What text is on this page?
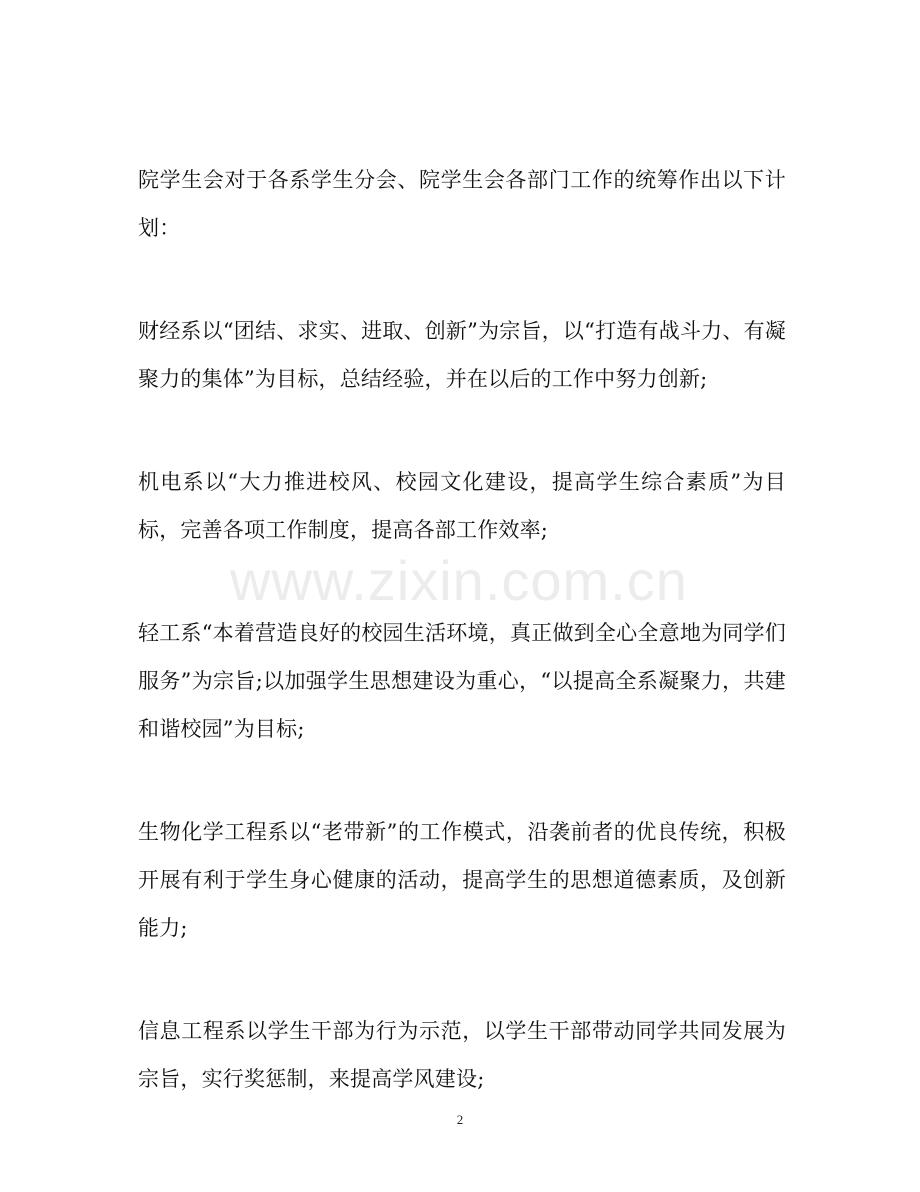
院学生会对于各系学生分会、院学生会各部门工作的统筹作出以下计划：

财经系以“团结、求实、进取、创新”为宗旨，以“打造有战斗力、有凝聚力的集体”为目标，总结经验，并在以后的工作中努力创新;

机电系以“大力推进校风、校园文化建设，提高学生综合素质”为目标，完善各项工作制度，提高各部工作效率;

轻工系“本着营造良好的校园生活环境，真正做到全心全意地为同学们服务”为宗旨;以加强学生思想建设为重心，“以提高全系凝聚力，共建和谐校园”为目标;

生物化学工程系以“老带新”的工作模式，沿袭前者的优良传统，积极开展有利于学生身心健康的活动，提高学生的思想道德素质，及创新能力;

信息工程系以学生干部为行为示范，以学生干部带动同学共同发展为宗旨，实行奖惩制，来提高学风建设;

www.zixin.com.cn
2
